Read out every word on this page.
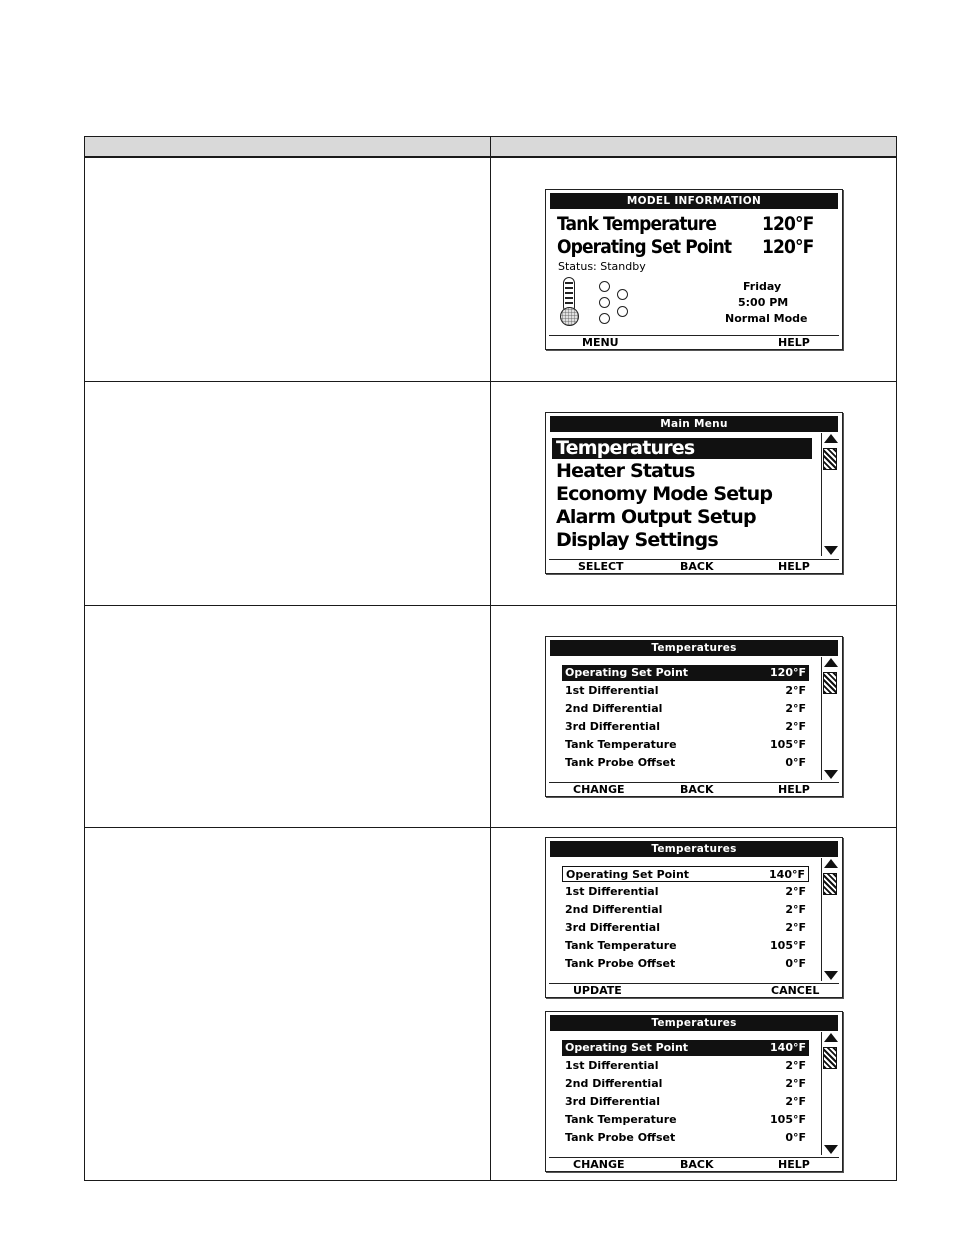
MODEL INFORMATION
Tank Temperature 120°F
Operating Set Point 120°F
Status: Standby
Friday
5:00 PM
Normal Mode
MENU	HELP
Main Menu
Temperatures
Heater Status
Economy Mode Setup
Alarm Output Setup
Display Settings
SELECT	BACK	HELP
Temperatures
Operating Set Point	120°F
1st Differential	2°F
2nd Differential	2°F
3rd Differential	2°F
Tank Temperature	105°F
Tank Probe Offset	0°F
CHANGE	BACK	HELP
Temperatures
Operating Set Point	140°F
1st Differential	2°F
2nd Differential	2°F
3rd Differential	2°F
Tank Temperature	105°F
Tank Probe Offset	0°F
UPDATE	CANCEL
Temperatures
Operating Set Point	140°F
1st Differential	2°F
2nd Differential	2°F
3rd Differential	2°F
Tank Temperature	105°F
Tank Probe Offset	0°F
CHANGE	BACK	HELP
